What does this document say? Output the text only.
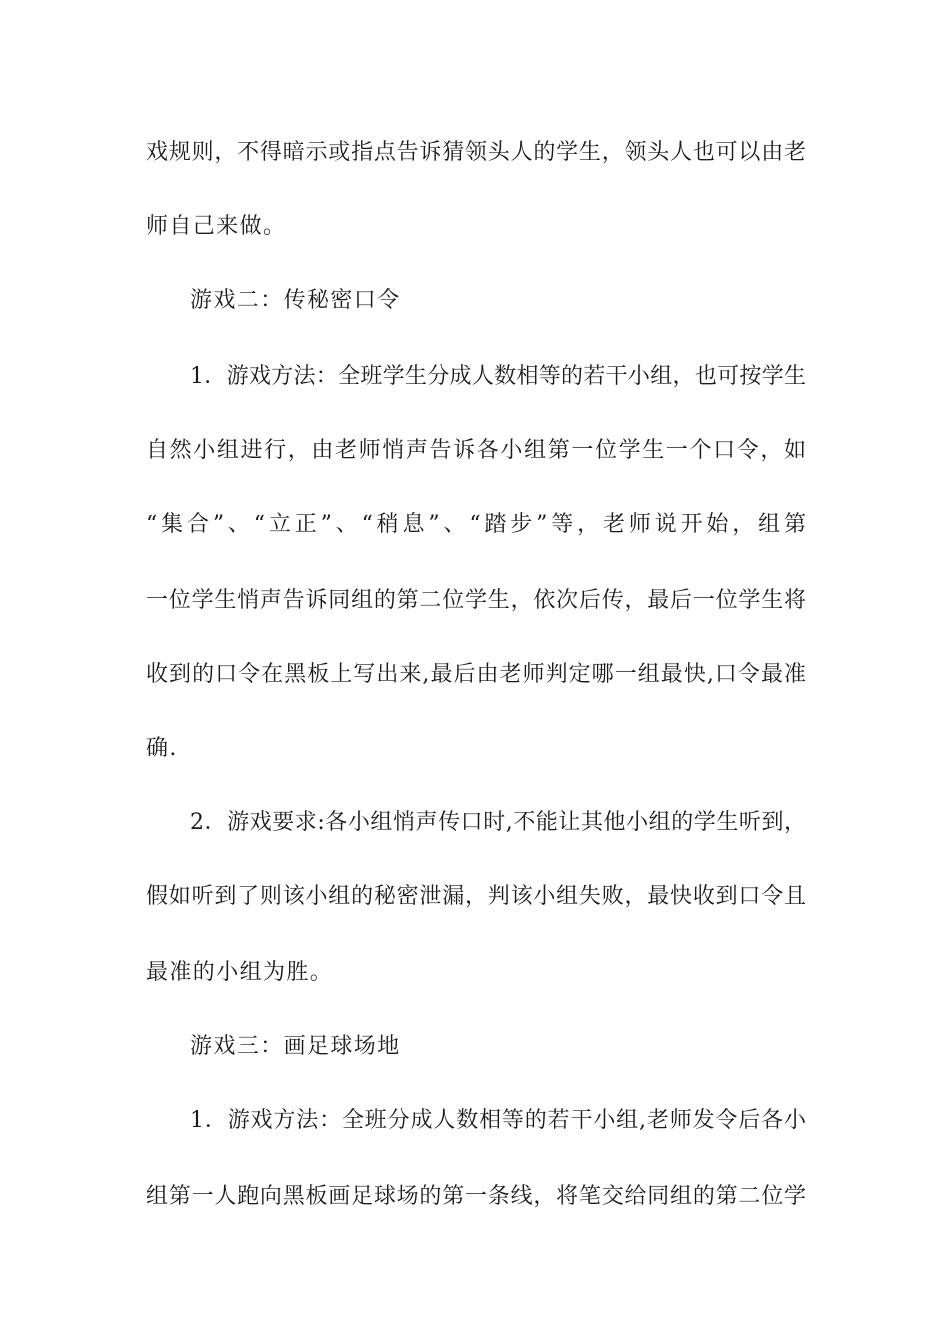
戏规则，不得暗示或指点告诉猜领头人的学生，领头人也可以由老
师自己来做。
游戏二：传秘密口令
1．游戏方法：全班学生分成人数相等的若干小组，也可按学生
自然小组进行，由老师悄声告诉各小组第一位学生一个口令，如
“集合”、“立正”、“稍息”、“踏步”等，老师说开始，组第
一位学生悄声告诉同组的第二位学生，依次后传，最后一位学生将
收到的口令在黑板上写出来,最后由老师判定哪一组最快,口令最准
确.
2．游戏要求:各小组悄声传口时,不能让其他小组的学生听到，
假如听到了则该小组的秘密泄漏，判该小组失败，最快收到口令且
最准的小组为胜。
游戏三：画足球场地
1．游戏方法：全班分成人数相等的若干小组,老师发令后各小
组第一人跑向黑板画足球场的第一条线，将笔交给同组的第二位学
